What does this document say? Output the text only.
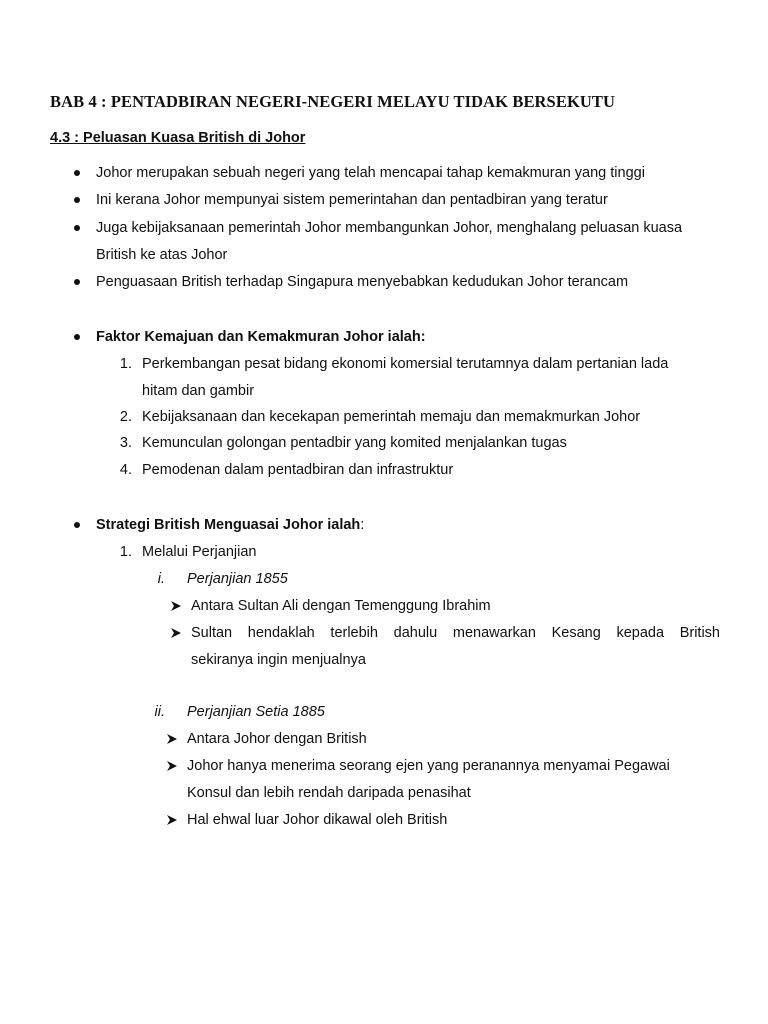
BAB 4 : PENTADBIRAN NEGERI-NEGERI MELAYU TIDAK BERSEKUTU
4.3 : Peluasan Kuasa British di Johor
Johor merupakan sebuah negeri yang telah mencapai tahap kemakmuran yang tinggi
Ini kerana Johor mempunyai sistem pemerintahan dan pentadbiran yang teratur
Juga kebijaksanaan pemerintah Johor membangunkan Johor, menghalang peluasan kuasa
British ke atas Johor
Penguasaan British terhadap Singapura menyebabkan kedudukan Johor terancam
Faktor Kemajuan dan Kemakmuran Johor ialah:
1. Perkembangan pesat bidang ekonomi komersial terutamnya dalam pertanian lada
hitam dan gambir
2. Kebijaksanaan dan kecekapan pemerintah memaju dan memakmurkan Johor
3. Kemunculan golongan pentadbir yang komited menjalankan tugas
4. Pemodenan dalam pentadbiran dan infrastruktur
Strategi British Menguasai Johor ialah:
1. Melalui Perjanjian
i. Perjanjian 1855
Antara Sultan Ali dengan Temenggung Ibrahim
Sultan hendaklah terlebih dahulu menawarkan Kesang kepada British
sekiranya ingin menjualnya
ii. Perjanjian Setia 1885
Antara Johor dengan British
Johor hanya menerima seorang ejen yang peranannya menyamai Pegawai
Konsul dan lebih rendah daripada penasihat
Hal ehwal luar Johor dikawal oleh British
